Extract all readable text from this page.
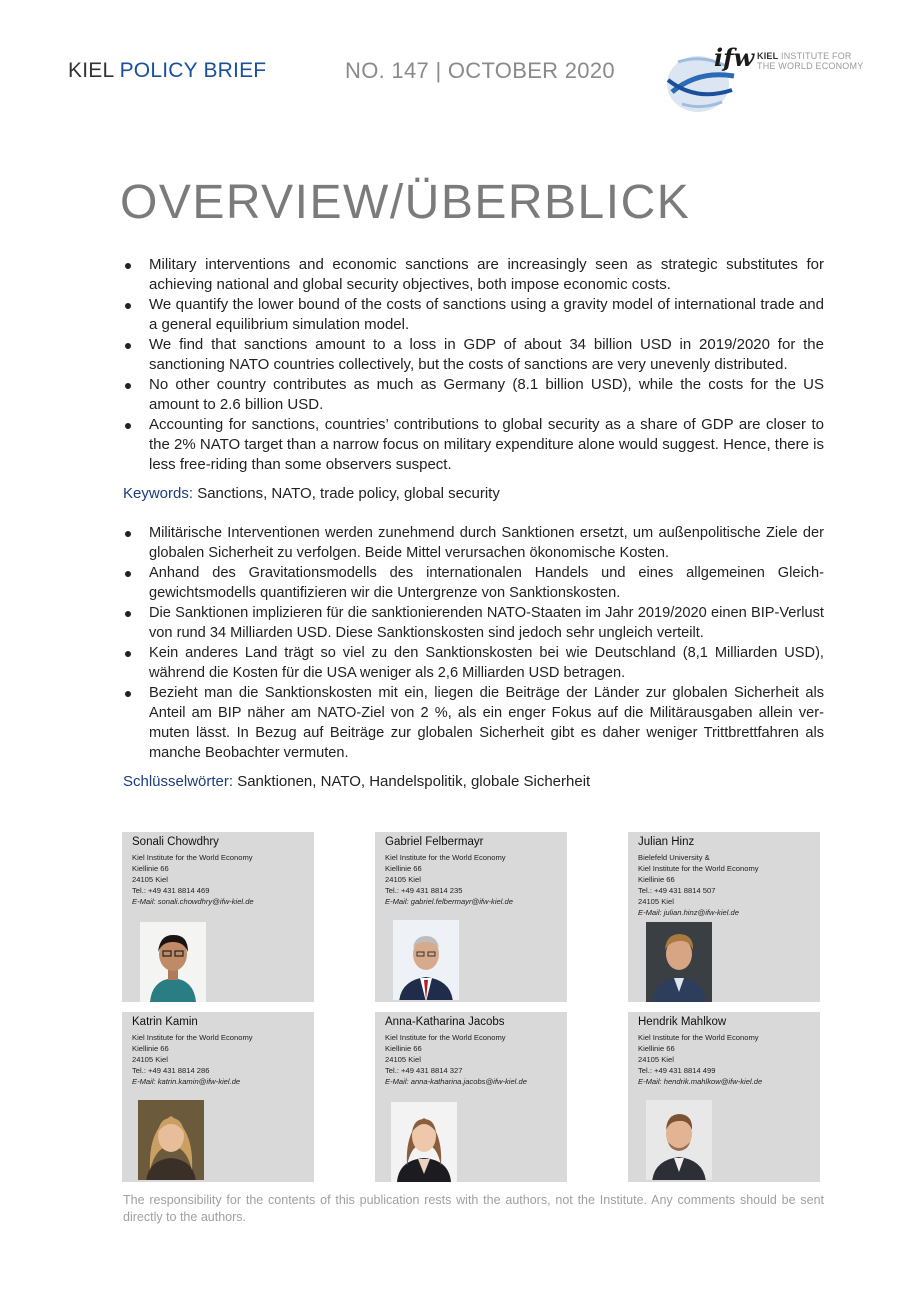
KIEL POLICY BRIEF	NO. 147 | OCTOBER 2020	ifw KIEL INSTITUTE FOR
THE WORLD ECONOMY
OVERVIEW/ÜBERBLICK
Military interventions and economic sanctions are increasingly seen as strategic substitutes for achieving national and global security objectives, both impose economic costs.
We quantify the lower bound of the costs of sanctions using a gravity model of international trade and a general equilibrium simulation model.
We find that sanctions amount to a loss in GDP of about 34 billion USD in 2019/2020 for the sanctioning NATO countries collectively, but the costs of sanctions are very unevenly distributed.
No other country contributes as much as Germany (8.1 billion USD), while the costs for the US amount to 2.6 billion USD.
Accounting for sanctions, countries’ contributions to global security as a share of GDP are closer to the 2% NATO target than a narrow focus on military expenditure alone would suggest. Hence, there is less free-riding than some observers suspect.
Keywords: Sanctions, NATO, trade policy, global security
Militärische Interventionen werden zunehmend durch Sanktionen ersetzt, um außenpolitische Ziele der globalen Sicherheit zu verfolgen. Beide Mittel verursachen ökonomische Kosten.
Anhand des Gravitationsmodells des internationalen Handels und eines allgemeinen Gleich-gewichtsmodells quantifizieren wir die Untergrenze von Sanktionskosten.
Die Sanktionen implizieren für die sanktionierenden NATO-Staaten im Jahr 2019/2020 einen BIP-Verlust von rund 34 Milliarden USD. Diese Sanktionskosten sind jedoch sehr ungleich verteilt.
Kein anderes Land trägt so viel zu den Sanktionskosten bei wie Deutschland (8,1 Milliarden USD), während die Kosten für die USA weniger als 2,6 Milliarden USD betragen.
Bezieht man die Sanktionskosten mit ein, liegen die Beiträge der Länder zur globalen Sicherheit als Anteil am BIP näher am NATO-Ziel von 2 %, als ein enger Fokus auf die Militärausgaben allein ver-muten lässt. In Bezug auf Beiträge zur globalen Sicherheit gibt es daher weniger Trittbrettfahren als manche Beobachter vermuten.
Schlüsselwörter: Sanktionen, NATO, Handelspolitik, globale Sicherheit
Sonali Chowdhry
Kiel Institute for the World Economy
Kiellinie 66
24105 Kiel
Tel.: +49 431 8814 469
E-Mail: sonali.chowdhry@ifw-kiel.de
Gabriel Felbermayr
Kiel Institute for the World Economy
Kiellinie 66
24105 Kiel
Tel.: +49 431 8814 235
E-Mail: gabriel.felbermayr@ifw-kiel.de
Julian Hinz
Bielefeld University &
Kiel Institute for the World Economy
Kiellinie 66
Tel.: +49 431 8814 507
24105 Kiel
E-Mail: julian.hinz@ifw-kiel.de
Katrin Kamin
Kiel Institute for the World Economy
Kiellinie 66
24105 Kiel
Tel.: +49 431 8814 286
E-Mail: katrin.kamin@ifw-kiel.de
Anna-Katharina Jacobs
Kiel Institute for the World Economy
Kiellinie 66
24105 Kiel
Tel.: +49 431 8814 327
E-Mail: anna-katharina.jacobs@ifw-kiel.de
Hendrik Mahlkow
Kiel Institute for the World Economy
Kiellinie 66
24105 Kiel
Tel.: +49 431 8814 499
E-Mail: hendrik.mahlkow@ifw-kiel.de
The responsibility for the contents of this publication rests with the authors, not the Institute. Any comments should be sent directly to the authors.
